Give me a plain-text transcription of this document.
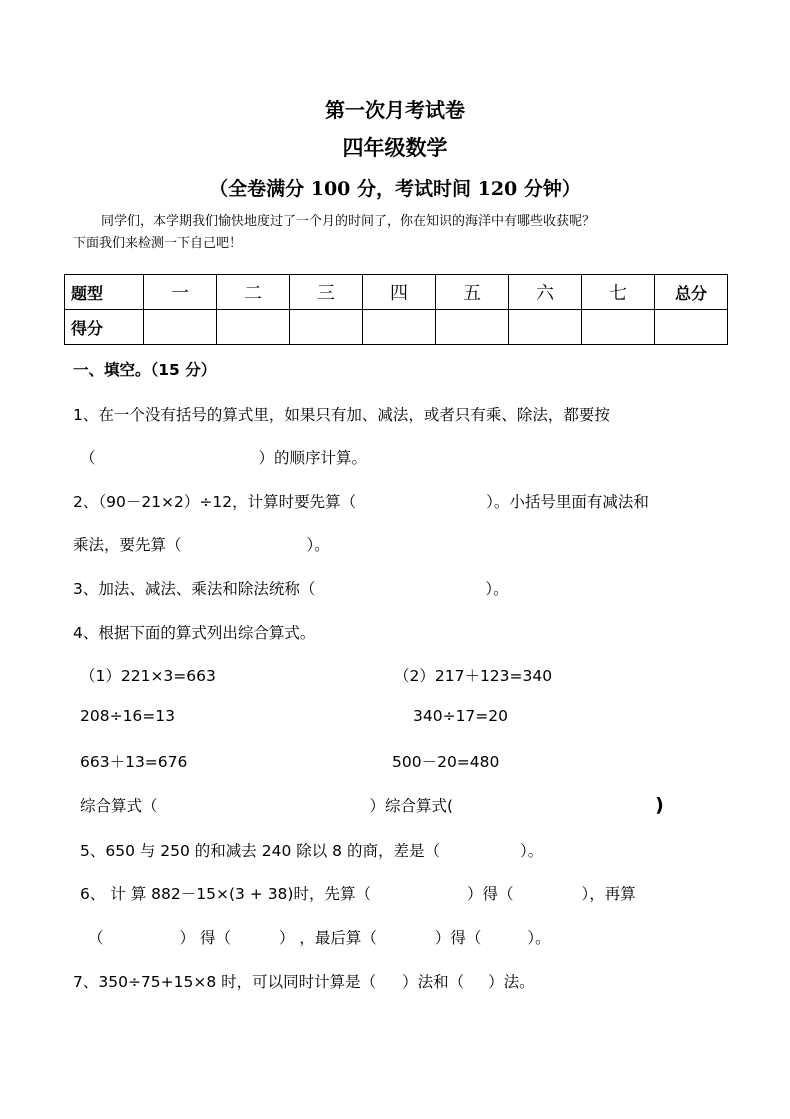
第一次月考试卷
四年级数学
（全卷满分 100 分，考试时间 120 分钟）
同学们，本学期我们愉快地度过了一个月的时间了，你在知识的海洋中有哪些收获呢？
下面我们来检测一下自己吧！
题型	一	二	三	四	五	六	七	总分
得分								
一、填空。（15 分）
1、在一个没有括号的算式里，如果只有加、减法，或者只有乘、除法，都要按
（	）的顺序计算。
2、（90－21×2）÷12，计算时要先算（	）。小括号里面有减法和
乘法，要先算（	）。
3、加法、减法、乘法和除法统称（	）。
4、根据下面的算式列出综合算式。
（1）221×3=663	（2）217＋123=340
208÷16=13	340÷17=20
663＋13=676	500－20=480
综合算式（	）综合算式(	)
5、650 与 250 的和减去 240 除以 8 的商，差是（	）。
6、 计 算 882－15×(3 + 38)时，先算（	）得（	），再算
（	） 得（	） ，最后算（	）得（	）。
7、350÷75+15×8 时，可以同时计算是（ ）法和（ ）法。
